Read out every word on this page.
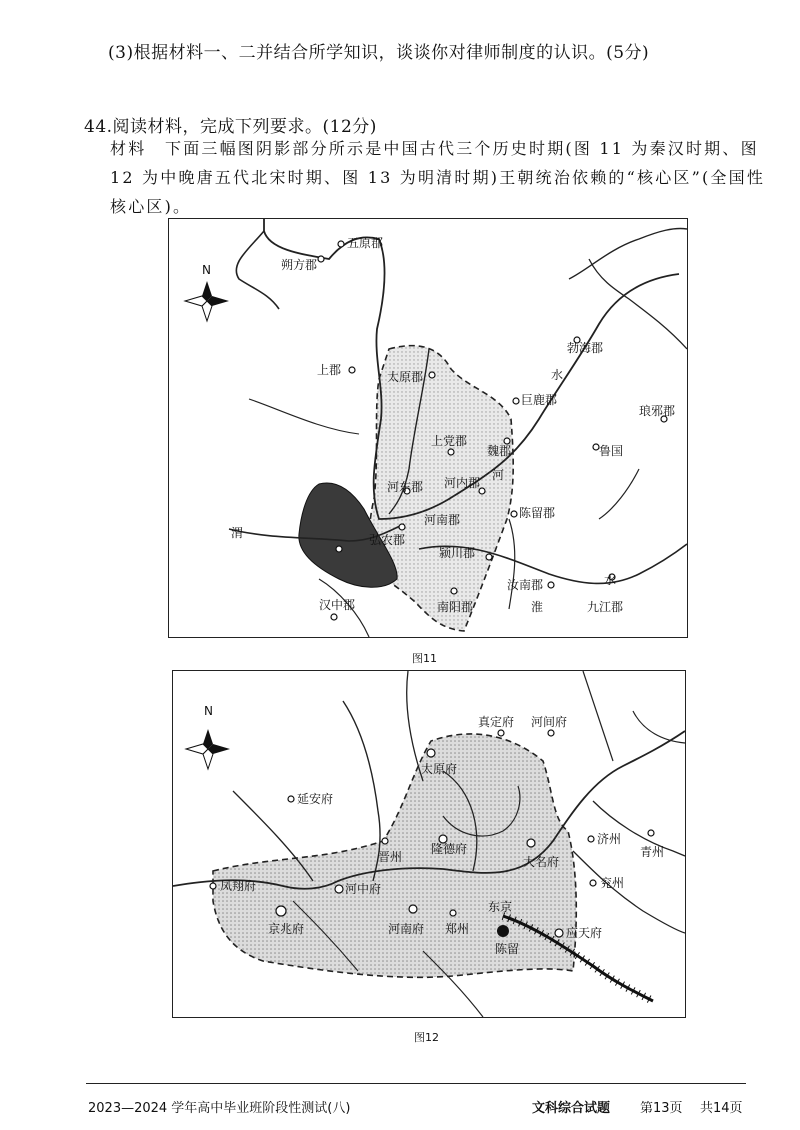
(3)根据材料一、二并结合所学知识，谈谈你对律师制度的认识。(5分)
44.阅读材料，完成下列要求。(12分)
材料 下面三幅图阴影部分所示是中国古代三个历史时期(图 11 为秦汉时期、图
12 为中晚唐五代北宋时期、图 13 为明清时期)王朝统治依赖的“核心区”(全国性
核心区)。
N
五原郡
朔方郡
上郡	太原郡
勃海郡
巨鹿郡
琅邪郡
上党郡
魏郡	鲁国
河东郡 河内郡
陈留郡
河南郡
弘农郡
颍川郡
汝南郡
南阳郡
汉中郡	九江郡
渭
河
水
淮
水
图11
N
真定府 河间府
太原府
延安府
济州
青州
晋州
隆德府
大名府
兖州
凤翔府	河中府
京兆府	河南府 郑州
东京
应天府
陈留
图12
2023—2024 学年高中毕业班阶段性测试(八)	文科综合试题 第13页 共14页
